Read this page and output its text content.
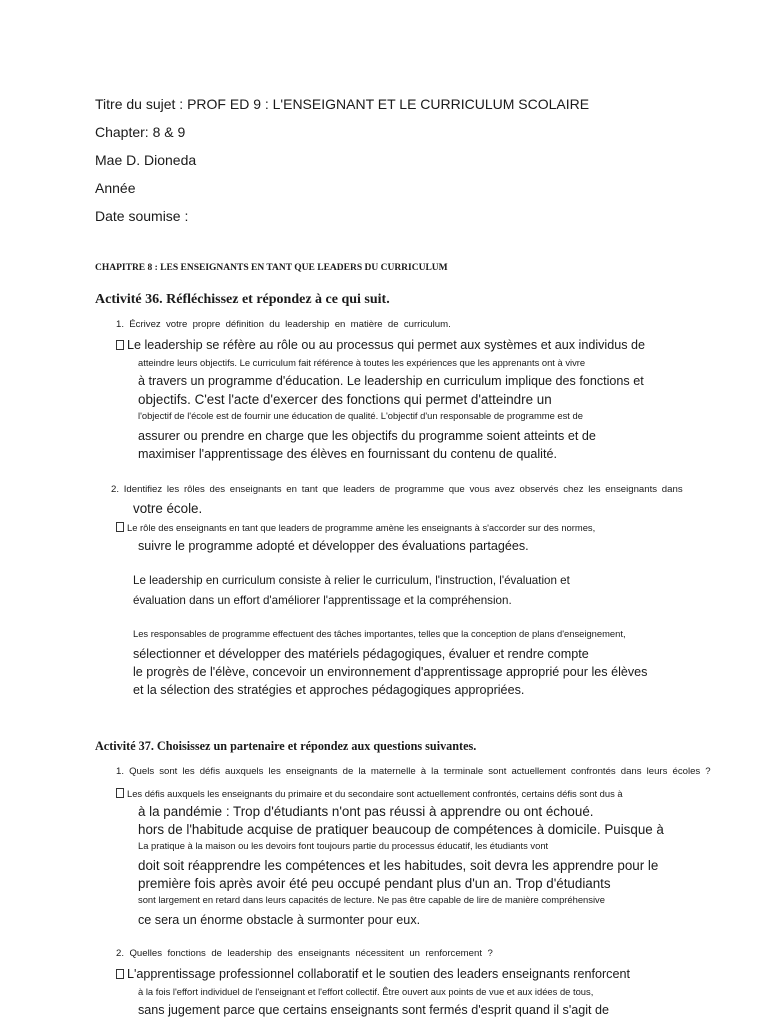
Titre du sujet : PROF ED 9 : L'ENSEIGNANT ET LE CURRICULUM SCOLAIRE
Chapter: 8 & 9
Mae D. Dioneda
Année
Date soumise :
CHAPITRE 8 : LES ENSEIGNANTS EN TANT QUE LEADERS DU CURRICULUM
Activité 36. Réfléchissez et répondez à ce qui suit.
1. Écrivez votre propre définition du leadership en matière de curriculum.
Le leadership se réfère au rôle ou au processus qui permet aux systèmes et aux individus de
atteindre leurs objectifs. Le curriculum fait référence à toutes les expériences que les apprenants ont à vivre
à travers un programme d'éducation. Le leadership en curriculum implique des fonctions et
objectifs. C'est l'acte d'exercer des fonctions qui permet d'atteindre un
l'objectif de l'école est de fournir une éducation de qualité. L'objectif d'un responsable de programme est de
assurer ou prendre en charge que les objectifs du programme soient atteints et de
maximiser l'apprentissage des élèves en fournissant du contenu de qualité.
2. Identifiez les rôles des enseignants en tant que leaders de programme que vous avez observés chez les enseignants dans
votre école.
Le rôle des enseignants en tant que leaders de programme amène les enseignants à s'accorder sur des normes,
suivre le programme adopté et développer des évaluations partagées.
Le leadership en curriculum consiste à relier le curriculum, l'instruction, l'évaluation et
évaluation dans un effort d'améliorer l'apprentissage et la compréhension.
Les responsables de programme effectuent des tâches importantes, telles que la conception de plans d'enseignement,
sélectionner et développer des matériels pédagogiques, évaluer et rendre compte
le progrès de l'élève, concevoir un environnement d'apprentissage approprié pour les élèves
et la sélection des stratégies et approches pédagogiques appropriées.
Activité 37. Choisissez un partenaire et répondez aux questions suivantes.
1. Quels sont les défis auxquels les enseignants de la maternelle à la terminale sont actuellement confrontés dans leurs écoles ?
Les défis auxquels les enseignants du primaire et du secondaire sont actuellement confrontés, certains défis sont dus à
à la pandémie : Trop d'étudiants n'ont pas réussi à apprendre ou ont échoué.
hors de l'habitude acquise de pratiquer beaucoup de compétences à domicile. Puisque à
La pratique à la maison ou les devoirs font toujours partie du processus éducatif, les étudiants vont
doit soit réapprendre les compétences et les habitudes, soit devra les apprendre pour le
première fois après avoir été peu occupé pendant plus d'un an. Trop d'étudiants
sont largement en retard dans leurs capacités de lecture. Ne pas être capable de lire de manière compréhensive
ce sera un énorme obstacle à surmonter pour eux.
2. Quelles fonctions de leadership des enseignants nécessitent un renforcement ?
L'apprentissage professionnel collaboratif et le soutien des leaders enseignants renforcent
à la fois l'effort individuel de l'enseignant et l'effort collectif. Être ouvert aux points de vue et aux idées de tous,
sans jugement parce que certains enseignants sont fermés d'esprit quand il s'agit de
